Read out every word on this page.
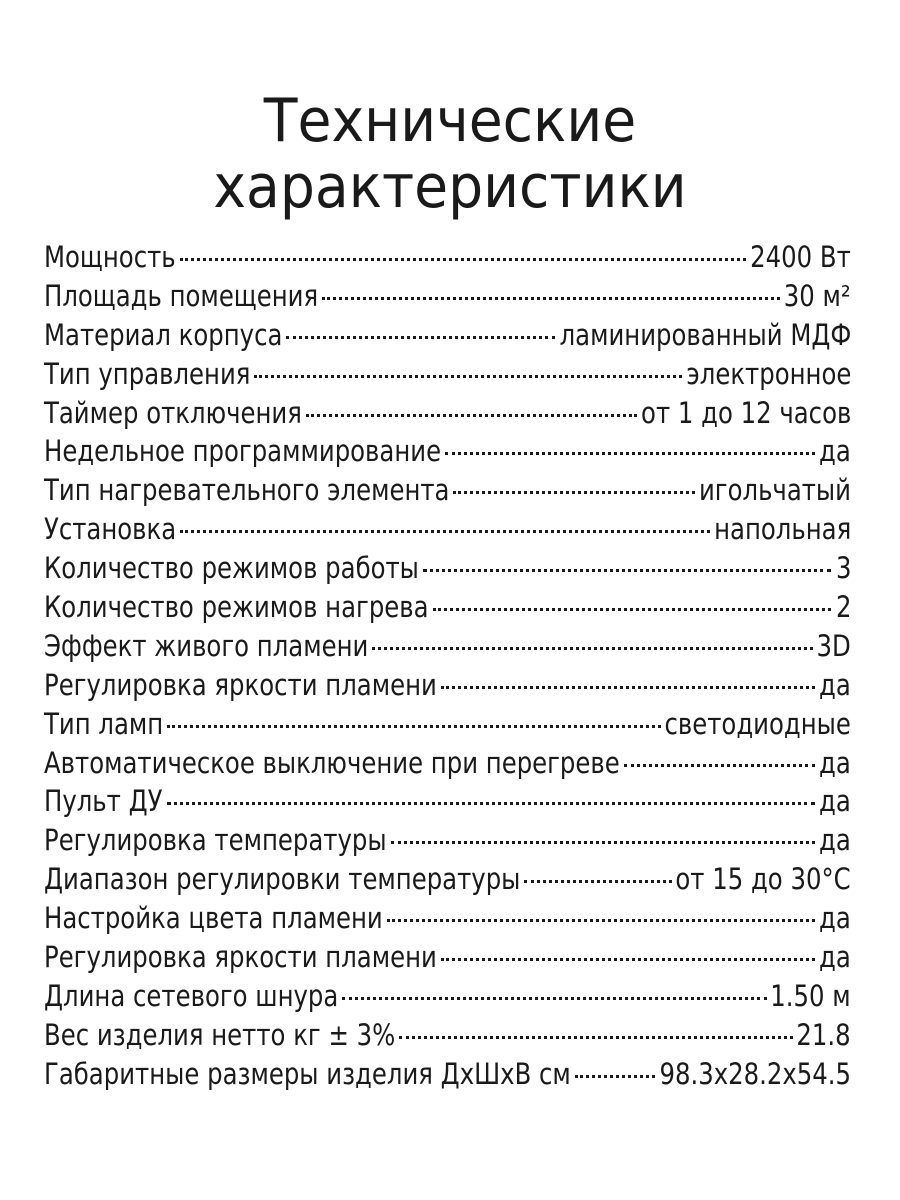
Технические
характеристики
Мощность	2400 Вт
Площадь помещения	30 м²
Материал корпуса	ламинированный МДФ
Тип управления	электронное
Таймер отключения	от 1 до 12 часов
Недельное программирование	да
Тип нагревательного элемента	игольчатый
Установка	напольная
Количество режимов работы	3
Количество режимов нагрева	2
Эффект живого пламени	3D
Регулировка яркости пламени	да
Тип ламп	светодиодные
Автоматическое выключение при перегреве	да
Пульт ДУ	да
Регулировка температуры	да
Диапазон регулировки температуры	от 15 до 30°С
Настройка цвета пламени	да
Регулировка яркости пламени	да
Длина сетевого шнура	1.50 м
Вес изделия нетто кг ± 3%	21.8
Габаритные размеры изделия ДхШхВ см	98.3х28.2х54.5
